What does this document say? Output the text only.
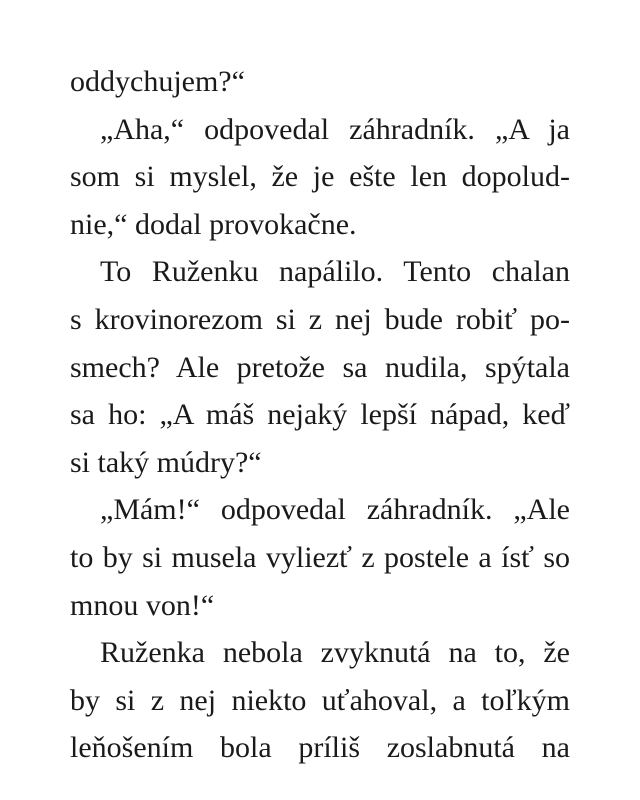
oddychujem?“
„Aha,“ odpovedal záhradník. „A ja
som si myslel, že je ešte len dopolud-
nie,“ dodal provokačne.
To Ruženku napálilo. Tento chalan
s krovinorezom si z nej bude robiť po-
smech? Ale pretože sa nudila, spýtala
sa ho: „A máš nejaký lepší nápad, keď
si taký múdry?“
„Mám!“ odpovedal záhradník. „Ale
to by si musela vyliezť z postele a ísť so
mnou von!“
Ruženka nebola zvyknutá na to, že
by si z nej niekto uťahoval, a toľkým
leňošením bola príliš zoslabnutá na
